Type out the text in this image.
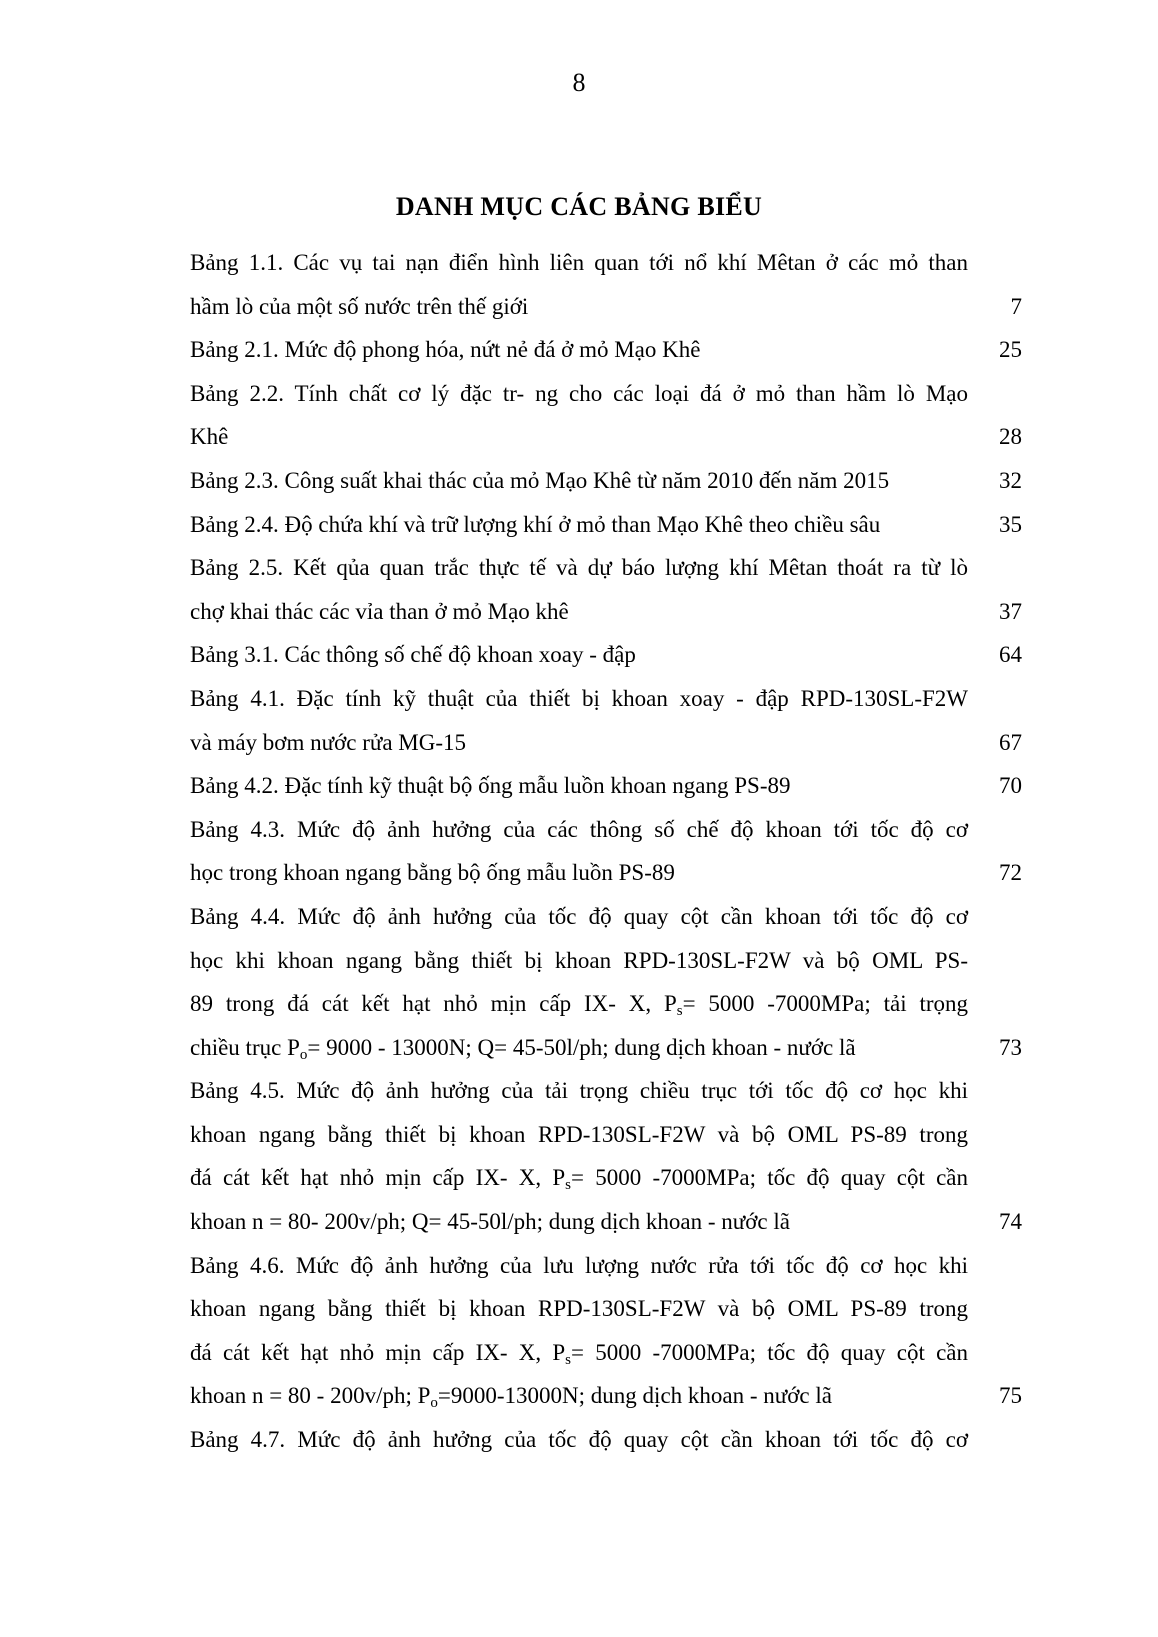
8
DANH MỤC CÁC BẢNG BIỂU
Bảng 1.1. Các vụ tai nạn điển hình liên quan tới nổ khí Mêtan ở các mỏ than
hầm lò của một số nước trên thế giới	7
Bảng 2.1. Mức độ phong hóa, nứt nẻ đá ở mỏ Mạo Khê	25
Bảng 2.2. Tính chất cơ lý đặc tr- ng cho các loại đá ở mỏ than hầm lò Mạo
Khê	28
Bảng 2.3. Công suất khai thác của mỏ Mạo Khê từ năm 2010 đến năm 2015	32
Bảng 2.4. Độ chứa khí và trữ lượng khí ở mỏ than Mạo Khê theo chiều sâu	35
Bảng 2.5. Kết qủa quan trắc thực tế và dự báo lượng khí Mêtan thoát ra từ lò
chợ khai thác các vỉa than ở mỏ Mạo khê	37
Bảng 3.1. Các thông số chế độ khoan xoay - đập	64
Bảng 4.1. Đặc tính kỹ thuật của thiết bị khoan xoay - đập RPD-130SL-F2W
và máy bơm nước rửa MG-15	67
Bảng 4.2. Đặc tính kỹ thuật bộ ống mẫu luồn khoan ngang PS-89	70
Bảng 4.3. Mức độ ảnh hưởng của các thông số chế độ khoan tới tốc độ cơ
học trong khoan ngang bằng bộ ống mẫu luồn PS-89	72
Bảng 4.4. Mức độ ảnh hưởng của tốc độ quay cột cần khoan tới tốc độ cơ
học khi khoan ngang bằng thiết bị khoan RPD-130SL-F2W và bộ OML PS-
89 trong đá cát kết hạt nhỏ mịn cấp IX- X, $P_s= 5000$ -7000MPa; tải trọng
chiều trục $P_o= 9000 - 13000N$; Q= 45-50l/ph; dung dịch khoan - nước lã	73
Bảng 4.5. Mức độ ảnh hưởng của tải trọng chiều trục tới tốc độ cơ học khi
khoan ngang bằng thiết bị khoan RPD-130SL-F2W và bộ OML PS-89 trong
đá cát kết hạt nhỏ mịn cấp IX- X, $P_s= 5000$ -7000MPa; tốc độ quay cột cần
khoan n = 80- 200v/ph; Q= 45-50l/ph; dung dịch khoan - nước lã	74
Bảng 4.6. Mức độ ảnh hưởng của lưu lượng nước rửa tới tốc độ cơ học khi
khoan ngang bằng thiết bị khoan RPD-130SL-F2W và bộ OML PS-89 trong
đá cát kết hạt nhỏ mịn cấp IX- X, $P_s= 5000$ -7000MPa; tốc độ quay cột cần
khoan n = 80 - 200v/ph; $P_o=9000-13000N$; dung dịch khoan - nước lã	75
Bảng 4.7. Mức độ ảnh hưởng của tốc độ quay cột cần khoan tới tốc độ cơ
